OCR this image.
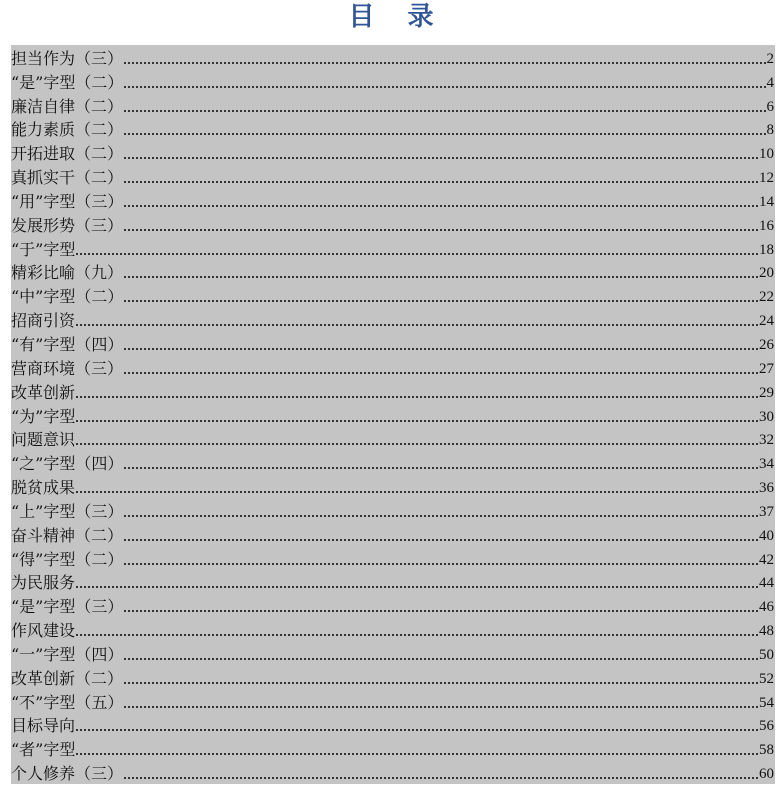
目 录
担当作为（三）	2
“是”字型（二）	4
廉洁自律（二）	6
能力素质（二）	8
开拓进取（二）	10
真抓实干（二）	12
“用”字型（三）	14
发展形势（三）	16
“于”字型	18
精彩比喻（九）	20
“中”字型（二）	22
招商引资	24
“有”字型（四）	26
营商环境（三）	27
改革创新	29
“为”字型	30
问题意识	32
“之”字型（四）	34
脱贫成果	36
“上”字型（三）	37
奋斗精神（二）	40
“得”字型（二）	42
为民服务	44
“是”字型（三）	46
作风建设	48
“一”字型（四）	50
改革创新（二）	52
“不”字型（五）	54
目标导向	56
“者”字型	58
个人修养（三）	60
